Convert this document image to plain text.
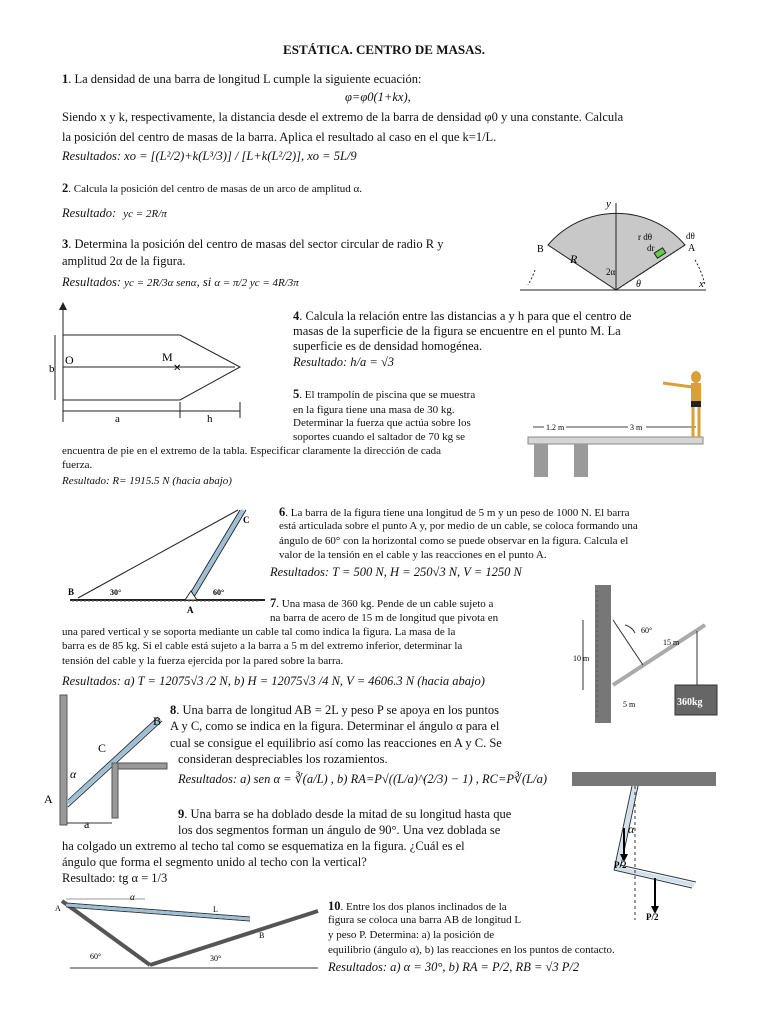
ESTÁTICA. CENTRO DE MASAS.
1. La densidad de una barra de longitud L cumple la siguiente ecuación:
φ=φ0(1+kx),
Siendo x y k, respectivamente, la distancia desde el extremo de la barra de densidad φ0 y una constante. Calcula
la posición del centro de masas de la barra. Aplica el resultado al caso en el que k=1/L.
Resultados: xo = [(L²/2)+k(L³/3)] / [L+k(L²/2)], xo = 5L/9
2. Calcula la posición del centro de masas de un arco de amplitud α.
Resultado: yc = 2R/π
3. Determina la posición del centro de masas del sector circular de radio R y
amplitud 2α de la figura.
Resultados: yc = 2R/3α senα, si α = π/2 yc = 4R/3π
y
x
B	A
R
2α
θ
r dθ
dr
dθ
O	M
✕
b
a	h
4. Calcula la relación entre las distancias a y h para que el centro de
masas de la superficie de la figura se encuentre en el punto M. La
superficie es de densidad homogénea.
Resultado: h/a = √3
5. El trampolín de piscina que se muestra
en la figura tiene una masa de 30 kg.
Determinar la fuerza que actúa sobre los
soportes cuando el saltador de 70 kg se
encuentra de pie en el extremo de la tabla. Especificar claramente la dirección de cada
fuerza.
Resultado: R= 1915.5 N (hacia abajo)
1.2 m	3 m
B
A
C
30°	60°
6. La barra de la figura tiene una longitud de 5 m y un peso de 1000 N. El barra
está articulada sobre el punto A y, por medio de un cable, se coloca formando una
ángulo de 60° con la horizontal como se puede observar en la figura. Calcula el
valor de la tensión en el cable y las reacciones en el punto A.
Resultados: T = 500 N, H = 250√3 N, V = 1250 N
7. Una masa de 360 kg. Pende de un cable sujeto a
na barra de acero de 15 m de longitud que pivota en
una pared vertical y se soporta mediante un cable tal como indica la figura. La masa de la
barra es de 85 kg. Si el cable está sujeto a la barra a 5 m del extremo inferior, determinar la
tensión del cable y la fuerza ejercida por la pared sobre la barra.
Resultados: a) T = 12075√3 /2 N, b) H = 12075√3 /4 N, V = 4606.3 N (hacia abajo)
10 m
60°
15 m
5 m	360kg
A
B
C
α
a
8. Una barra de longitud AB = 2L y peso P se apoya en los puntos
A y C, como se indica en la figura. Determinar el ángulo α para el
cual se consigue el equilibrio así como las reacciones en A y C. Se
consideran despreciables los rozamientos.
Resultados: a) sen α = ∛(a/L) , b) RA=P√((L/a)^(2/3) − 1) , RC=P∛(L/a)
α
P/2
P/2
9. Una barra se ha doblado desde la mitad de su longitud hasta que
los dos segmentos forman un ángulo de 90°. Una vez doblada se
ha colgado un extremo al techo tal como se esquematiza en la figura. ¿Cuál es el
ángulo que forma el segmento unido al techo con la vertical?
Resultado: tg α = 1/3
A
α
L
B
60°	30°
10. Entre los dos planos inclinados de la
figura se coloca una barra AB de longitud L
y peso P. Determina: a) la posición de
equilibrio (ángulo α), b) las reacciones en los puntos de contacto.
Resultados: a) α = 30°, b) RA = P/2, RB = √3 P/2
